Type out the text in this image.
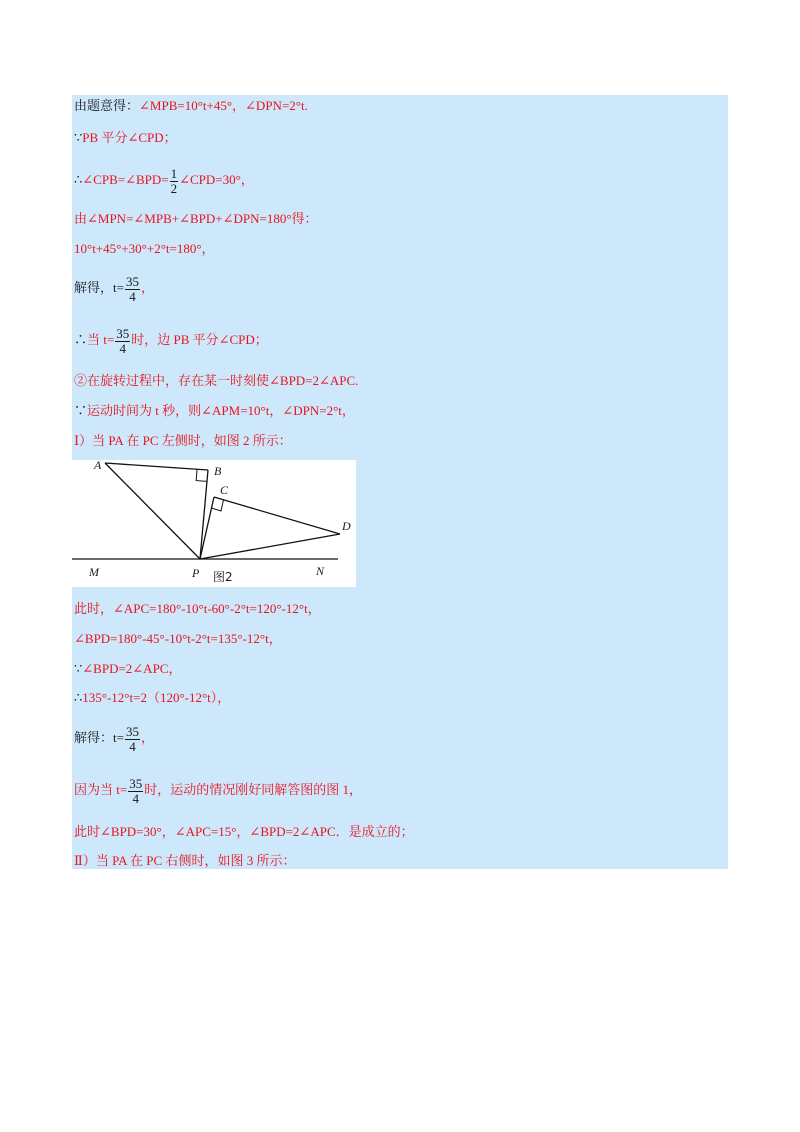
由题意得：∠MPB=10°t+45°，∠DPN=2°t.
∵PB 平分∠CPD；
∴∠CPB=∠BPD= $\frac{1}{2}$ ∠CPD=30°，
由∠MPN=∠MPB+∠BPD+∠DPN=180°得：
10°t+45°+30°+2°t=180°，
解得，$t= \frac{35}{4}$ ，
∴当 $t= \frac{35}{4}$ 时，边 PB 平分∠CPD；
②在旋转过程中，存在某一时刻使∠BPD=2∠APC.
∵运动时间为 t 秒，则∠APM=10°t，∠DPN=2°t，
Ⅰ）当 PA 在 PC 左侧时，如图 2 所示：
A	B
C
D
M	P	N
图2
此时，∠APC=180°-10°t-60°-2°t=120°-12°t，
∠BPD=180°-45°-10°t-2°t=135°-12°t，
∵∠BPD=2∠APC，
∴135°-12°t=2（120°-12°t），
解得：$t= \frac{35}{4}$ ，
因为当 $t= \frac{35}{4}$ 时，运动的情况刚好同解答图的图 1，
此时∠BPD=30°，∠APC=15°，∠BPD=2∠APC．是成立的；
Ⅱ）当 PA 在 PC 右侧时，如图 3 所示：
